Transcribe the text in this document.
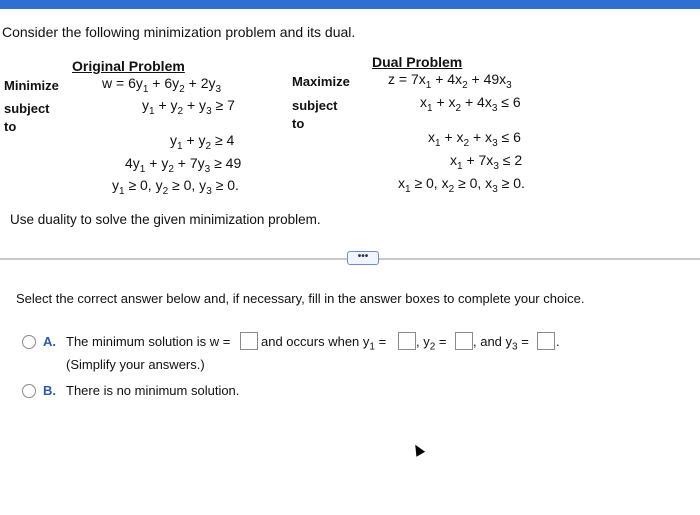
Consider the following minimization problem and its dual.
Original Problem
Minimize
subject
to
$w = 6y_1 + 6y_2 + 2y_3$
$y_1 + y_2 + y_3 \ge 7$
$y_1 + y_2 \ge 4$
$4y_1 + y_2 + 7y_3 \ge 49$
$y_1 \ge 0$, $y_2 \ge 0$, $y_3 \ge 0$.
Dual Problem
Maximize
subject
to
$z = 7x_1 + 4x_2 + 49x_3$
$x_1 + x_2 + 4x_3 \le 6$
$x_1 + x_2 + x_3 \le 6$
$x_1 + 7x_3 \le 2$
$x_1 \ge 0$, $x_2 \ge 0$, $x_3 \ge 0$.
Use duality to solve the given minimization problem.
•••
Select the correct answer below and, if necessary, fill in the answer boxes to complete your choice.
A. The minimum solution is w = and occurs when $y_1$ = , $y_2$ = , and $y_3$ = .
(Simplify your answers.)
B. There is no minimum solution.
